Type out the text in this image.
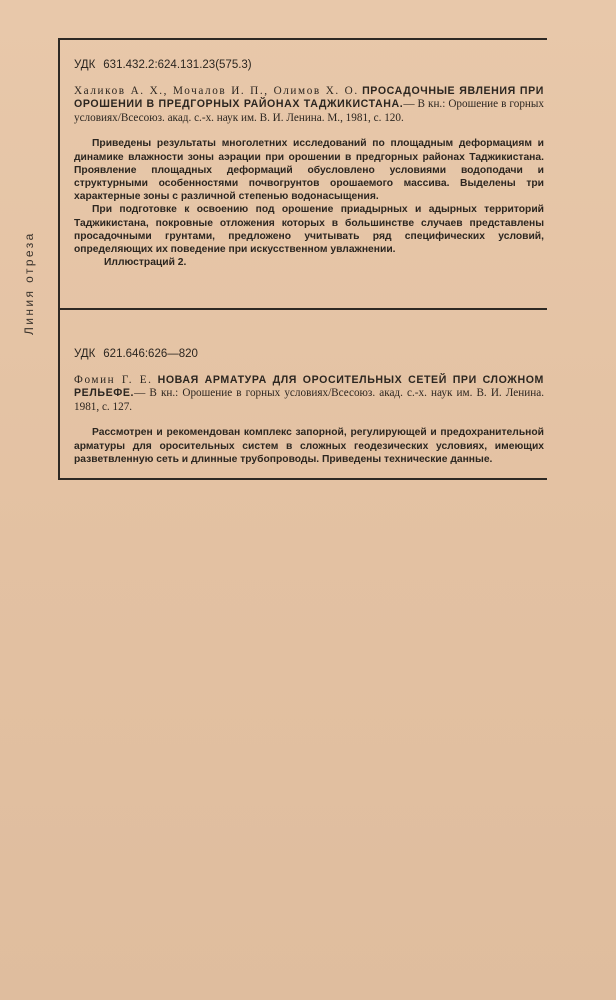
Линия отреза
УДК 631.432.2:624.131.23(575.3)

Халиков А. Х., Мочалов И. П., Олимов Х. О. ПРОСАДОЧНЫЕ ЯВЛЕНИЯ ПРИ ОРОШЕНИИ В ПРЕДГОРНЫХ РАЙОНАХ ТАДЖИКИСТАНА.— В кн.: Орошение в горных условиях/Всесоюз. акад. с.-х. наук им. В. И. Ленина. М., 1981, с. 120.

Приведены результаты многолетних исследований по площадным деформациям и динамике влажности зоны аэрации при орошении в предгорных районах Таджикистана. Проявление площадных деформаций обусловлено условиями водоподачи и структурными особенностями почвогрунтов орошаемого массива. Выделены три характерные зоны с различной степенью водонасыщения.

При подготовке к освоению под орошение приадырных и адырных территорий Таджикистана, покровные отложения которых в большинстве случаев представлены просадочными грунтами, предложено учитывать ряд специфических условий, определяющих их поведение при искусственном увлажнении.

Иллюстраций 2.

УДК 621.646:626—820

Фомин Г. Е. НОВАЯ АРМАТУРА ДЛЯ ОРОСИТЕЛЬНЫХ СЕТЕЙ ПРИ СЛОЖНОМ РЕЛЬЕФЕ.— В кн.: Орошение в горных условиях/Всесоюз. акад. с.-х. наук им. В. И. Ленина. 1981, с. 127.

Рассмотрен и рекомендован комплекс запорной, регулирующей и предохранительной арматуры для оросительных систем в сложных геодезических условиях, имеющих разветвленную сеть и длинные трубопроводы. Приведены технические данные.
